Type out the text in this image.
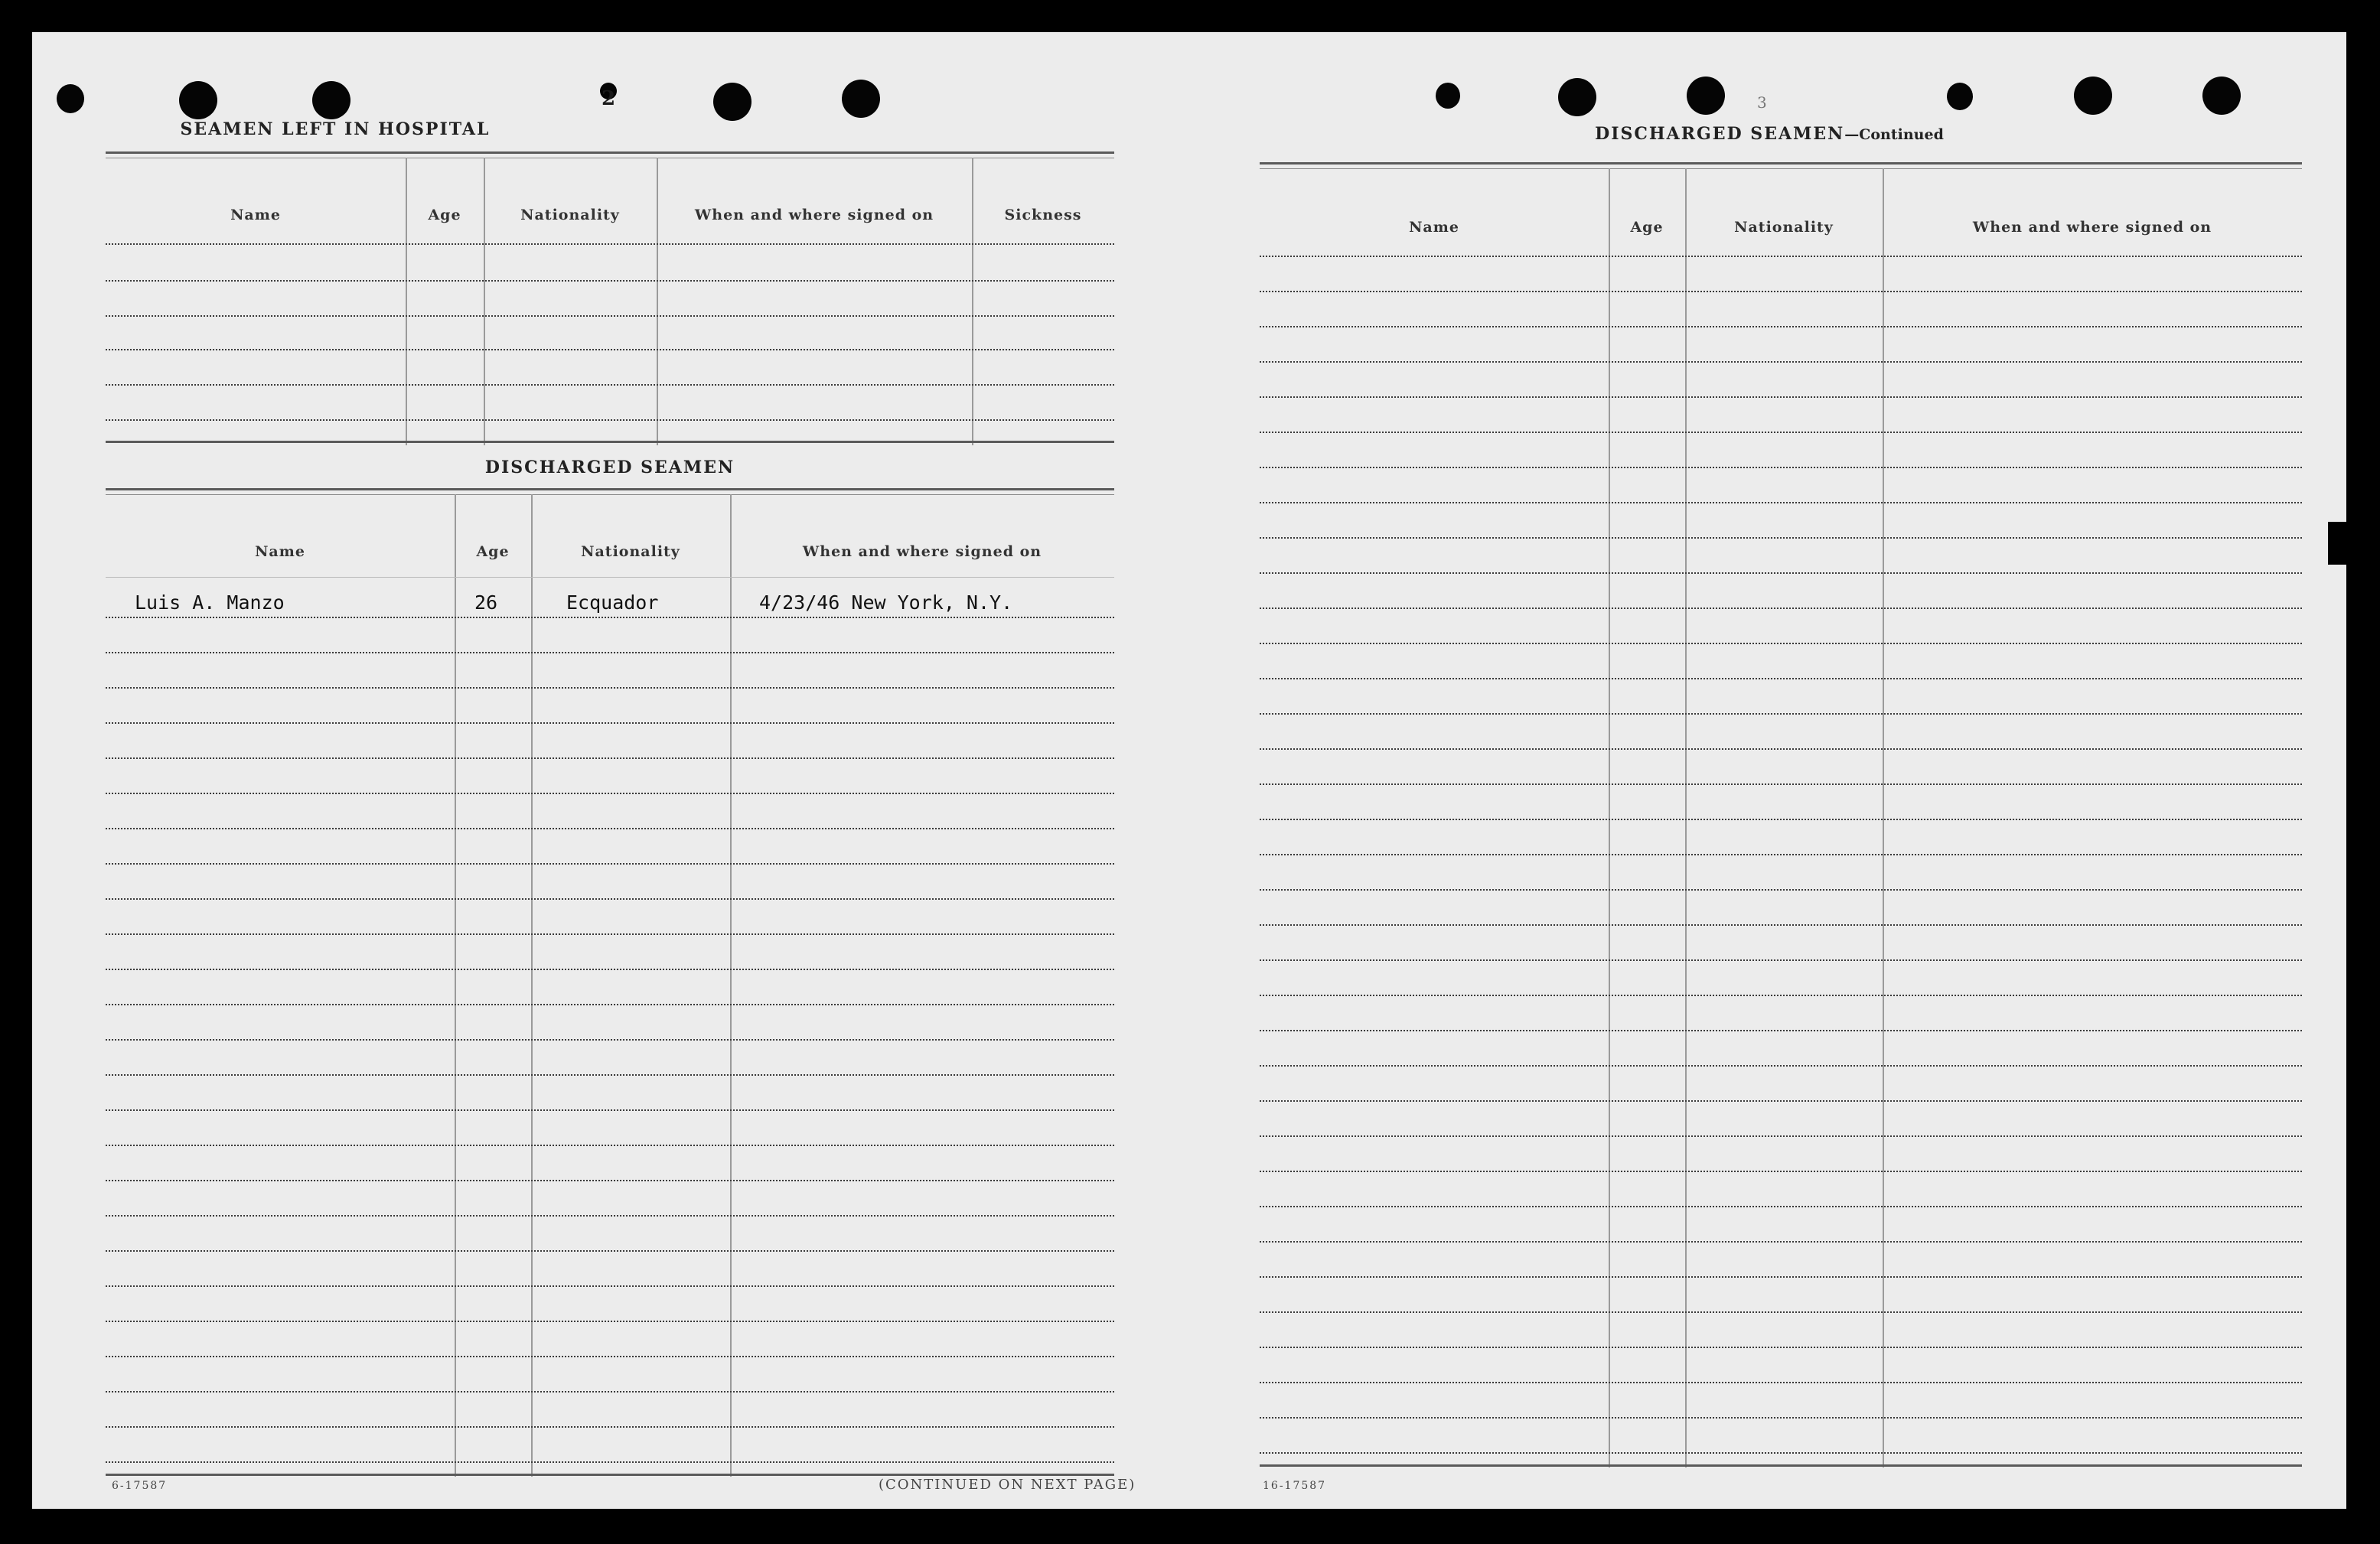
2
SEAMEN LEFT IN HOSPITAL
Name	Age	Nationality	When and where signed on	Sickness
DISCHARGED SEAMEN
Name	Age	Nationality	When and where signed on
Luis A. Manzo	26	Ecquador	4/23/46 New York, N.Y.
6-17587	(CONTINUED ON NEXT PAGE)
3
DISCHARGED SEAMEN—Continued
Name	Age	Nationality	When and where signed on
16-17587
